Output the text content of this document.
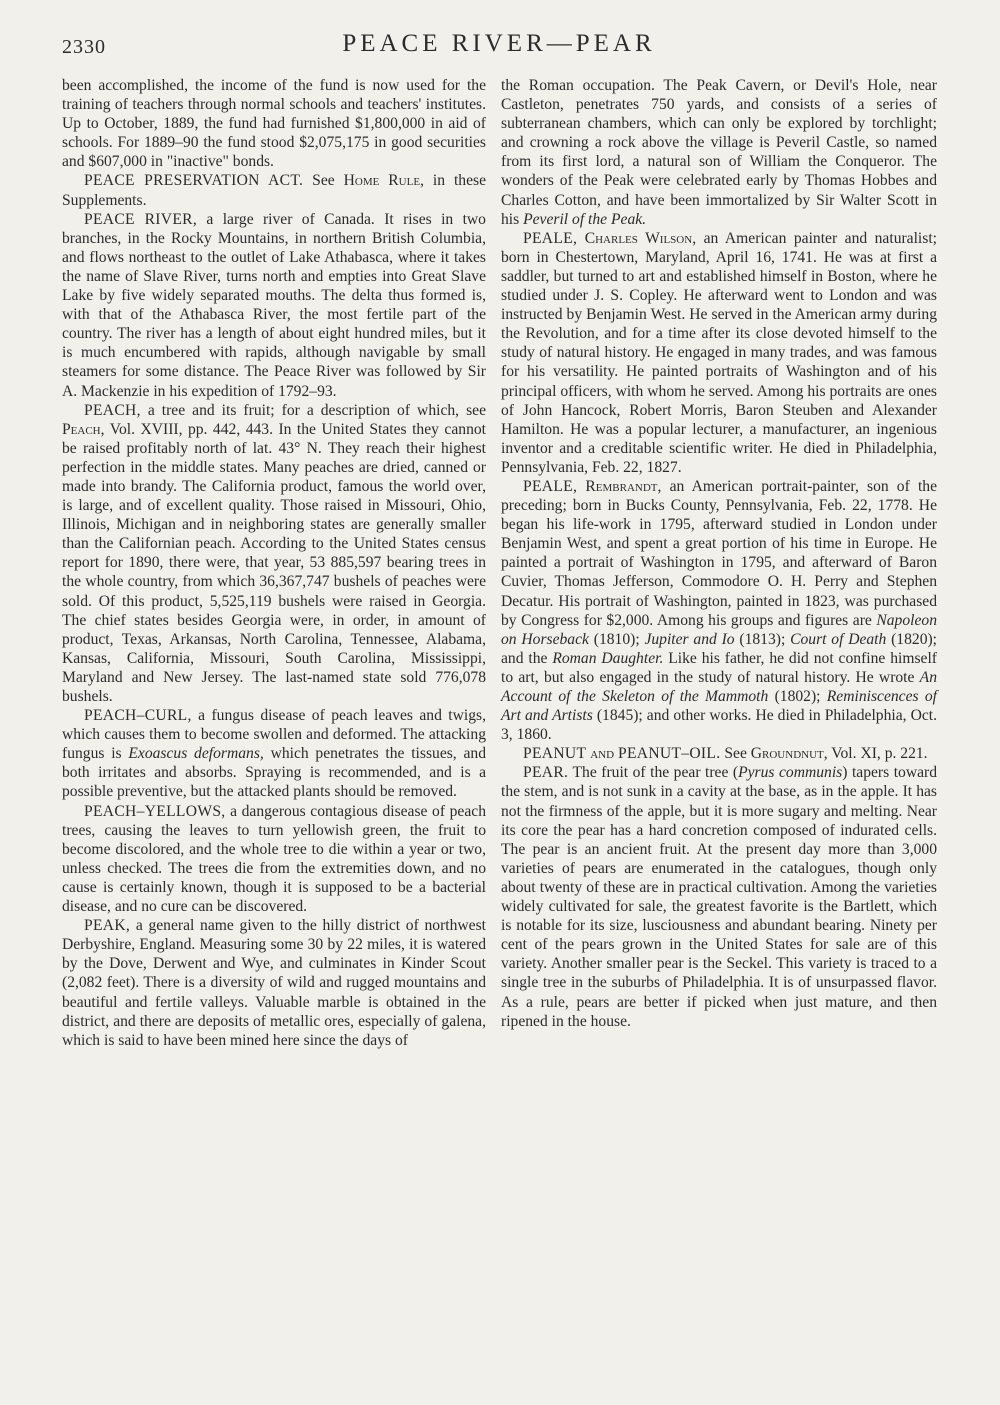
2330	PEACE RIVER—PEAR

been accomplished, the income of the fund is now used for the training of teachers through normal schools and teachers' institutes. Up to October, 1889, the fund had furnished $1,800,000 in aid of schools. For 1889–90 the fund stood $2,075,175 in good securities and $607,000 in "inactive" bonds.

PEACE PRESERVATION ACT. See Home Rule, in these Supplements.

PEACE RIVER, a large river of Canada. It rises in two branches, in the Rocky Mountains, in northern British Columbia, and flows northeast to the outlet of Lake Athabasca, where it takes the name of Slave River, turns north and empties into Great Slave Lake by five widely separated mouths. The delta thus formed is, with that of the Athabasca River, the most fertile part of the country. The river has a length of about eight hundred miles, but it is much encumbered with rapids, although navigable by small steamers for some distance. The Peace River was followed by Sir A. Mackenzie in his expedition of 1792–93.

PEACH, a tree and its fruit; for a description of which, see Peach, Vol. XVIII, pp. 442, 443. In the United States they cannot be raised profitably north of lat. 43° N. They reach their highest perfection in the middle states. Many peaches are dried, canned or made into brandy. The California product, famous the world over, is large, and of excellent quality. Those raised in Missouri, Ohio, Illinois, Michigan and in neighboring states are generally smaller than the Californian peach. According to the United States census report for 1890, there were, that year, 53 885,597 bearing trees in the whole country, from which 36,367,747 bushels of peaches were sold. Of this product, 5,525,119 bushels were raised in Georgia. The chief states besides Georgia were, in order, in amount of product, Texas, Arkansas, North Carolina, Tennessee, Alabama, Kansas, California, Missouri, South Carolina, Mississippi, Maryland and New Jersey. The last-named state sold 776,078 bushels.

PEACH–CURL, a fungus disease of peach leaves and twigs, which causes them to become swollen and deformed. The attacking fungus is Exoascus deformans, which penetrates the tissues, and both irritates and absorbs. Spraying is recommended, and is a possible preventive, but the attacked plants should be removed.

PEACH–YELLOWS, a dangerous contagious disease of peach trees, causing the leaves to turn yellowish green, the fruit to become discolored, and the whole tree to die within a year or two, unless checked. The trees die from the extremities down, and no cause is certainly known, though it is supposed to be a bacterial disease, and no cure can be discovered.

PEAK, a general name given to the hilly district of northwest Derbyshire, England. Measuring some 30 by 22 miles, it is watered by the Dove, Derwent and Wye, and culminates in Kinder Scout (2,082 feet). There is a diversity of wild and rugged mountains and beautiful and fertile valleys. Valuable marble is obtained in the district, and there are deposits of metallic ores, especially of galena, which is said to have been mined here since the days of

the Roman occupation. The Peak Cavern, or Devil's Hole, near Castleton, penetrates 750 yards, and consists of a series of subterranean chambers, which can only be explored by torchlight; and crowning a rock above the village is Peveril Castle, so named from its first lord, a natural son of William the Conqueror. The wonders of the Peak were celebrated early by Thomas Hobbes and Charles Cotton, and have been immortalized by Sir Walter Scott in his Peveril of the Peak.

PEALE, Charles Wilson, an American painter and naturalist; born in Chestertown, Maryland, April 16, 1741. He was at first a saddler, but turned to art and established himself in Boston, where he studied under J. S. Copley. He afterward went to London and was instructed by Benjamin West. He served in the American army during the Revolution, and for a time after its close devoted himself to the study of natural history. He engaged in many trades, and was famous for his versatility. He painted portraits of Washington and of his principal officers, with whom he served. Among his portraits are ones of John Hancock, Robert Morris, Baron Steuben and Alexander Hamilton. He was a popular lecturer, a manufacturer, an ingenious inventor and a creditable scientific writer. He died in Philadelphia, Pennsylvania, Feb. 22, 1827.

PEALE, Rembrandt, an American portrait-painter, son of the preceding; born in Bucks County, Pennsylvania, Feb. 22, 1778. He began his life-work in 1795, afterward studied in London under Benjamin West, and spent a great portion of his time in Europe. He painted a portrait of Washington in 1795, and afterward of Baron Cuvier, Thomas Jefferson, Commodore O. H. Perry and Stephen Decatur. His portrait of Washington, painted in 1823, was purchased by Congress for $2,000. Among his groups and figures are Napoleon on Horseback (1810); Jupiter and Io (1813); Court of Death (1820); and the Roman Daughter. Like his father, he did not confine himself to art, but also engaged in the study of natural history. He wrote An Account of the Skeleton of the Mammoth (1802); Reminiscences of Art and Artists (1845); and other works. He died in Philadelphia, Oct. 3, 1860.

PEANUT and PEANUT–OIL. See Groundnut, Vol. XI, p. 221.

PEAR. The fruit of the pear tree (Pyrus communis) tapers toward the stem, and is not sunk in a cavity at the base, as in the apple. It has not the firmness of the apple, but it is more sugary and melting. Near its core the pear has a hard concretion composed of indurated cells. The pear is an ancient fruit. At the present day more than 3,000 varieties of pears are enumerated in the catalogues, though only about twenty of these are in practical cultivation. Among the varieties widely cultivated for sale, the greatest favorite is the Bartlett, which is notable for its size, lusciousness and abundant bearing. Ninety per cent of the pears grown in the United States for sale are of this variety. Another smaller pear is the Seckel. This variety is traced to a single tree in the suburbs of Philadelphia. It is of unsurpassed flavor. As a rule, pears are better if picked when just mature, and then ripened in the house.
